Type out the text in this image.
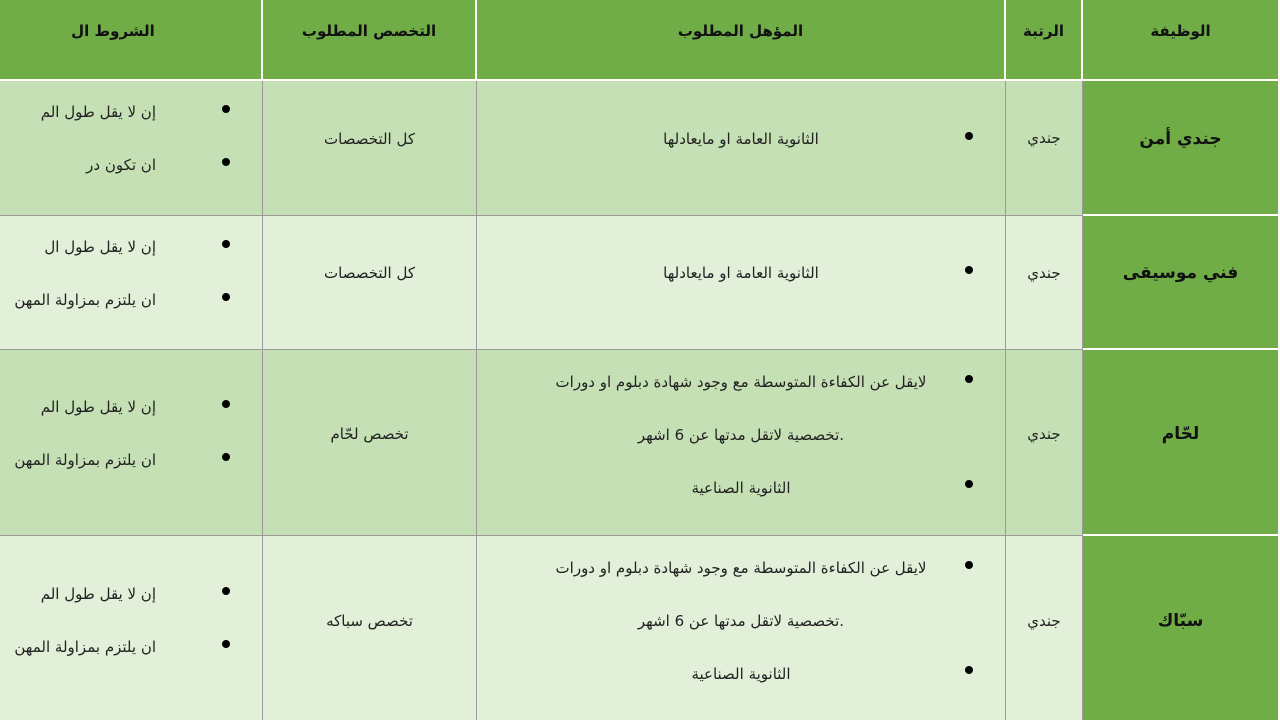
الوظيفة
الرتبة
المؤهل المطلوب
التخصص المطلوب
الشروط ال
جندي أمن
جندي
الثانوية العامة او مايعادلها
كل التخصصات
إن لا يقل طول الم
ان تكون در
فني موسيقى
جندي
الثانوية العامة او مايعادلها
كل التخصصات
إن لا يقل طول ال
ان يلتزم بمزاولة المهن
لحّام
جندي
لايقل عن الكفاءة المتوسطة مع وجود شهادة دبلوم او دورات
تخصصية لاتقل مدتها عن 6 اشهر.
الثانوية الصناعية
تخصص لحّام
إن لا يقل طول الم
ان يلتزم بمزاولة المهن
سبّاك
جندي
لايقل عن الكفاءة المتوسطة مع وجود شهادة دبلوم او دورات
تخصصية لاتقل مدتها عن 6 اشهر.
الثانوية الصناعية
تخصص سباكه
إن لا يقل طول الم
ان يلتزم بمزاولة المهن
